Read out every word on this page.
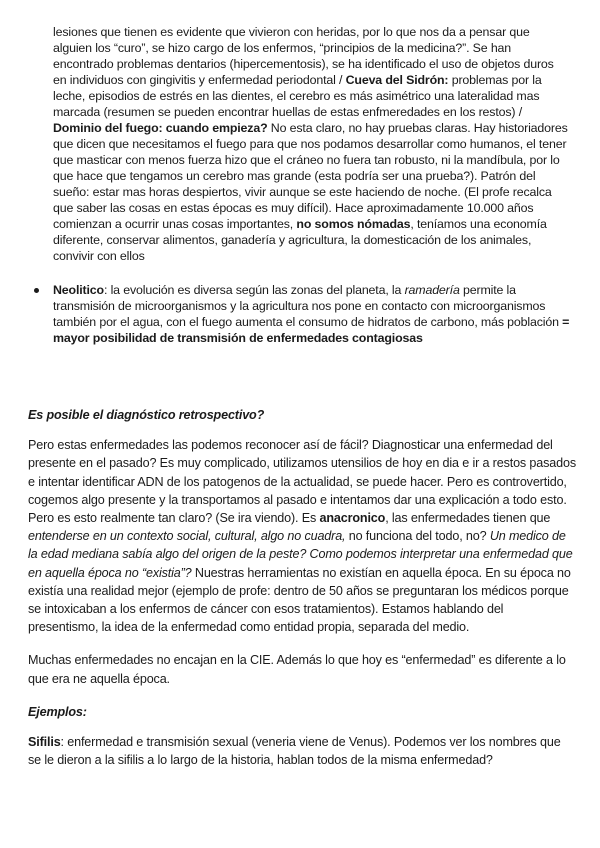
lesiones que tienen es evidente que vivieron con heridas, por lo que nos da a pensar que alguien los “curo”, se hizo cargo de los enfermos, “principios de la medicina?”. Se han encontrado problemas dentarios (hipercementosis), se ha identificado el uso de objetos duros en individuos con gingivitis y enfermedad periodontal / Cueva del Sidrón: problemas por la leche, episodios de estrés en las dientes, el cerebro es más asimétrico una lateralidad mas marcada (resumen se pueden encontrar huellas de estas enfmeredades en los restos) / Dominio del fuego: cuando empieza? No esta claro, no hay pruebas claras. Hay historiadores que dicen que necesitamos el fuego para que nos podamos desarrollar como humanos, el tener que masticar con menos fuerza hizo que el cráneo no fuera tan robusto, ni la mandíbula, por lo que hace que tengamos un cerebro mas grande (esta podría ser una prueba?). Patrón del sueño: estar mas horas despiertos, vivir aunque se este haciendo de noche. (El profe recalca que saber las cosas en estas épocas es muy difícil). Hace aproximadamente 10.000 años comienzan a ocurrir unas cosas importantes, no somos nómadas, teníamos una economía diferente, conservar alimentos, ganadería y agricultura, la domesticación de los animales, convivir con ellos

Neolitico: la evolución es diversa según las zonas del planeta, la ramadería permite la transmisión de microorganismos y la agricultura nos pone en contacto con microorganismos también por el agua, con el fuego aumenta el consumo de hidratos de carbono, más población = mayor posibilidad de transmisión de enfermedades contagiosas

Es posible el diagnóstico retrospectivo?

Pero estas enfermedades las podemos reconocer así de fácil? Diagnosticar una enfermedad del presente en el pasado? Es muy complicado, utilizamos utensilios de hoy en dia e ir a restos pasados e intentar identificar ADN de los patogenos de la actualidad, se puede hacer. Pero es controvertido, cogemos algo presente y la transportamos al pasado e intentamos dar una explicación a todo esto. Pero es esto realmente tan claro? (Se ira viendo). Es anacronico, las enfermedades tienen que entenderse en un contexto social, cultural, algo no cuadra, no funciona del todo, no? Un medico de la edad mediana sabía algo del origen de la peste? Como podemos interpretar una enfermedad que en aquella época no “existia”? Nuestras herramientas no existían en aquella época. En su época no existía una realidad mejor (ejemplo de profe: dentro de 50 años se preguntaran los médicos porque se intoxicaban a los enfermos de cáncer con esos tratamientos). Estamos hablando del presentismo, la idea de la enfermedad como entidad propia, separada del medio.

Muchas enfermedades no encajan en la CIE. Además lo que hoy es “enfermedad” es diferente a lo que era ne aquella época.

Ejemplos:

Sifilis: enfermedad e transmisión sexual (veneria viene de Venus). Podemos ver los nombres que se le dieron a la sifilis a lo largo de la historia, hablan todos de la misma enfermedad?
